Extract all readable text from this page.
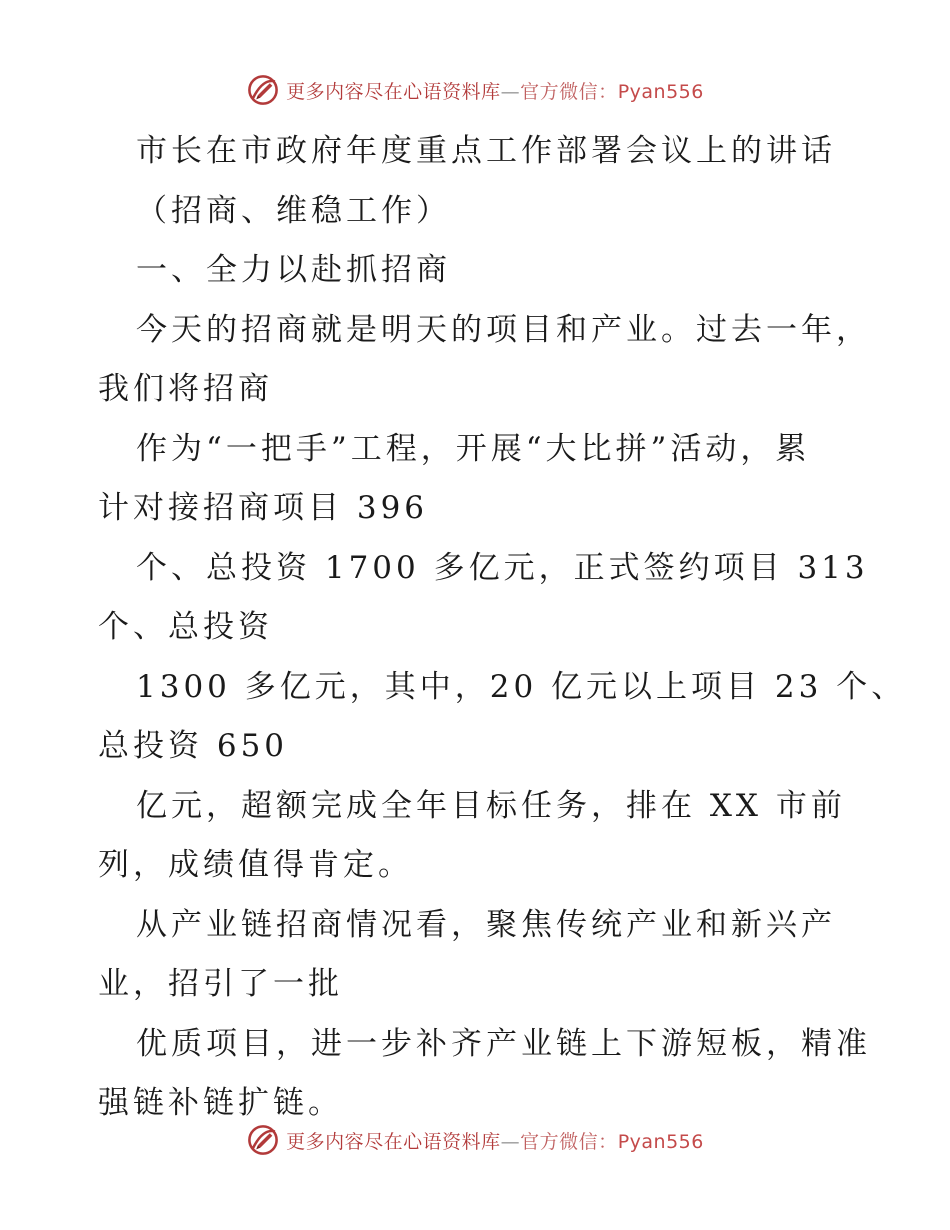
更多内容尽在心语资料库—官方微信：Pyan556
市长在市政府年度重点工作部署会议上的讲话
（招商、维稳工作）
一、全力以赴抓招商
今天的招商就是明天的项目和产业。过去一年，
我们将招商
作为“一把手”工程，开展“大比拼”活动，累
计对接招商项目 396
个、总投资 1700 多亿元，正式签约项目 313
个、总投资
1300 多亿元，其中，20 亿元以上项目 23 个、
总投资 650
亿元，超额完成全年目标任务，排在 XX 市前
列，成绩值得肯定。
从产业链招商情况看，聚焦传统产业和新兴产
业，招引了一批
优质项目，进一步补齐产业链上下游短板，精准
强链补链扩链。
更多内容尽在心语资料库—官方微信：Pyan556
